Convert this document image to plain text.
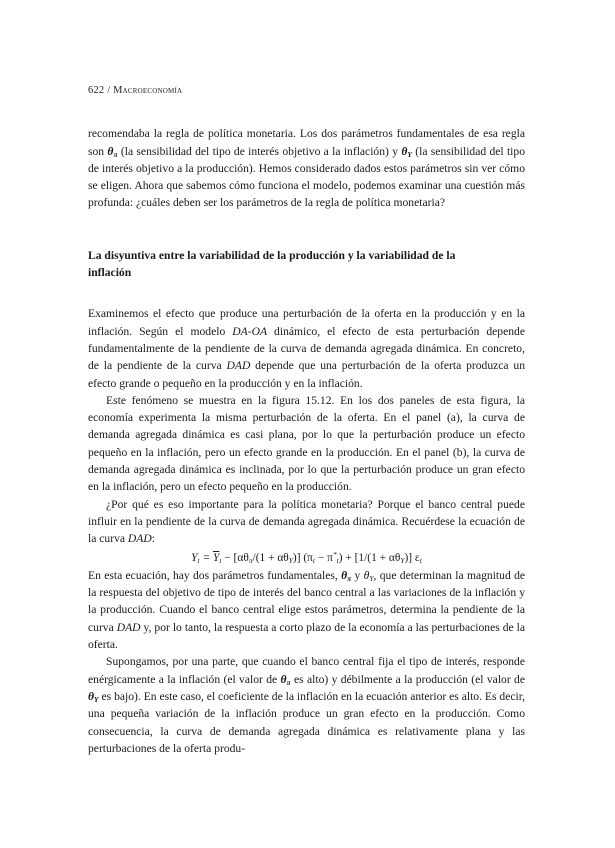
622 / Macroeconomía

recomendaba la regla de política monetaria. Los dos parámetros fundamentales de esa regla son $\theta_\pi$ (la sensibilidad del tipo de interés objetivo a la inflación) y $\theta_Y$ (la sensibilidad del tipo de interés objetivo a la producción). Hemos considerado dados estos parámetros sin ver cómo se eligen. Ahora que sabemos cómo funciona el modelo, podemos examinar una cuestión más profunda: ¿cuáles deben ser los parámetros de la regla de política monetaria?

La disyuntiva entre la variabilidad de la producción y la variabilidad de la inflación

Examinemos el efecto que produce una perturbación de la oferta en la producción y en la inflación. Según el modelo DA-OA dinámico, el efecto de esta perturbación depende fundamentalmente de la pendiente de la curva de demanda agregada dinámica. En concreto, de la pendiente de la curva DAD depende que una perturbación de la oferta produzca un efecto grande o pequeño en la producción y en la inflación.

Este fenómeno se muestra en la figura 15.12. En los dos paneles de esta figura, la economía experimenta la misma perturbación de la oferta. En el panel (a), la curva de demanda agregada dinámica es casi plana, por lo que la perturbación produce un efecto pequeño en la inflación, pero un efecto grande en la producción. En el panel (b), la curva de demanda agregada dinámica es inclinada, por lo que la perturbación produce un gran efecto en la inflación, pero un efecto pequeño en la producción.

¿Por qué es eso importante para la política monetaria? Porque el banco central puede influir en la pendiente de la curva de demanda agregada dinámica. Recuérdese la ecuación de la curva DAD:

$Y_t = \overline{Y}_t - [\alpha\theta_\pi/(1 + \alpha\theta_Y)] (\pi_t - \pi^*_t) + [1/(1 + \alpha\theta_Y)]$ $\varepsilon_t$

En esta ecuación, hay dos parámetros fundamentales, $\theta_\pi$ y $\theta_Y$, que determinan la magnitud de la respuesta del objetivo de tipo de interés del banco central a las variaciones de la inflación y la producción. Cuando el banco central elige estos parámetros, determina la pendiente de la curva DAD y, por lo tanto, la respuesta a corto plazo de la economía a las perturbaciones de la oferta.

Supongamos, por una parte, que cuando el banco central fija el tipo de interés, responde enérgicamente a la inflación (el valor de $\theta_\pi$ es alto) y débilmente a la producción (el valor de $\theta_Y$ es bajo). En este caso, el coeficiente de la inflación en la ecuación anterior es alto. Es decir, una pequeña variación de la inflación produce un gran efecto en la producción. Como consecuencia, la curva de demanda agregada dinámica es relativamente plana y las perturbaciones de la oferta produ-
